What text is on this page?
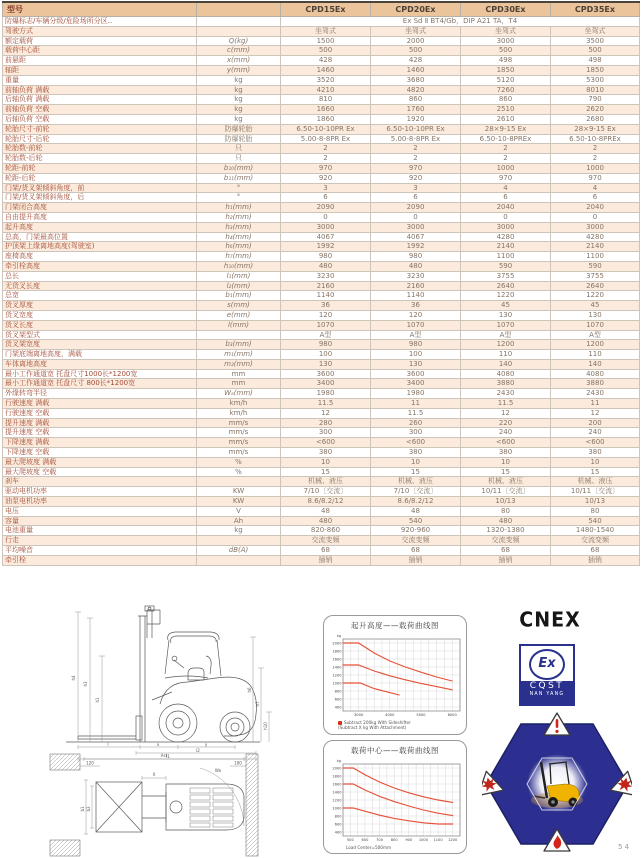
型号		CPD15Ex	CPD20Ex	CPD30Ex	CPD35Ex
防爆标志/车辆分级/危险场所分区..		Ex Sd Ⅱ BT4/Gb，DIP A21 TA，T4			
驾驶方式		坐驾式	坐驾式	坐驾式	坐驾式
额定载荷	Q(kg)	1500	2000	3000	3500
载荷中心距	c(mm)	500	500	500	500
前悬距	x(mm)	428	428	498	498
轴距	y(mm)	1460	1460	1850	1850
重量	kg	3520	3680	5120	5300
前轴负荷 满载	kg	4210	4820	7260	8010
后轴负荷 满载	kg	810	860	860	790
前轴负荷 空载	kg	1660	1760	2510	2620
后轴负荷 空载	kg	1860	1920	2610	2680
轮胎尺寸-前轮	防爆轮胎	6.50-10-10PR Ex	6.50-10-10PR Ex	28×9-15 Ex	28×9-15 Ex
轮胎尺寸-后轮	防爆轮胎	5.00-8-8PR Ex	5.00-8-8PR Ex	6.50-10-8PREx	6.50-10-8PREx
轮胎数-前轮	只	2	2	2	2
轮胎数-后轮	只	2	2	2	2
轮距-前轮	b₁₀(mm)	970	970	1000	1000
轮距-后轮	b₁₁(mm)	920	920	970	970
门架/货叉架倾斜角度，前	°	3	3	4	4
门架/货叉架倾斜角度，后	°	6	6	6	6
门架闭合高度	h₁(mm)	2090	2090	2040	2040
自由提升高度	h₂(mm)	0	0	0	0
起升高度	h₃(mm)	3000	3000	3000	3000
总高，门架最高位置	h₄(mm)	4067	4067	4280	4280
护顶架上缘离地高度(驾驶室)	h₆(mm)	1992	1992	2140	2140
座椅高度	h₇(mm)	980	980	1100	1100
牵引栓高度	h₁₀(mm)	480	480	590	590
总长	l₁(mm)	3230	3230	3755	3755
无货叉长度	l₂(mm)	2160	2160	2640	2640
总宽	b₁(mm)	1140	1140	1220	1220
货叉厚度	s(mm)	36	36	45	45
货叉宽度	e(mm)	120	120	130	130
货叉长度	l(mm)	1070	1070	1070	1070
货叉架型式		A型	A型	A型	A型
货叉架宽度	b₃(mm)	980	980	1200	1200
门架底端离地高度，满载	m₁(mm)	100	100	110	110
车体离地高度	m₂(mm)	130	130	140	140
最小工作通道宽 托盘尺寸1000长*1200宽	mm	3600	3600	4080	4080
最小工作通道宽 托盘尺寸 800长*1200宽	mm	3400	3400	3880	3880
外缘转弯半径	Wₐ(mm)	1980	1980	2430	2430
行驶速度 满载	km/h	11.5	11	11.5	11
行驶速度 空载	km/h	12	11.5	12	12
提升速度 满载	mm/s	280	260	220	200
提升速度 空载	mm/s	300	300	240	240
下降速度 满载	mm/s	<600	<600	<600	<600
下降速度 空载	mm/s	380	380	380	380
最大爬坡度 满载	%	10	10	10	10
最大爬坡度 空载	%	15	15	15	15
刹车		机械、液压	机械、液压	机械、液压	机械、液压
驱动电机功率	KW	7/10〔交流〕	7/10〔交流〕	10/11〔交流〕	10/11〔交流〕
油泵电机功率	KW	8.6/8.2/12	8.6/8.2/12	10/13	10/13
电压	V	48	48	80	80
容量	Ah	480	540	480	540
电池重量	kg	820-860	920-960	1320-1380	1480-1540
行走		交流变频	交流变频	交流变频	交流变频
平均噪音	dB(A)	68	68	68	68
牵引栓		插销	插销	插销	插销
h4
h3
h1
h6
h7
h10
l	x	y
l2
l1
Ast
b1 b3
X
Wa
120	100
起升高度——载荷曲线图
kg
2000
1800
1600
1400
1200
1000
800
600
400
3000	4000	5000	6000
Subtract 200kg With Sideshifter
(Subtract X kg With Attachment)
载荷中心——载荷曲线图
kg
2000
1800
1600
1400
1200
1000
800
600
400
500 600 700 800 900 1000 1100 1200
Load Center=500mm
CNEX
Ex
CQST
NAN YANG
54
